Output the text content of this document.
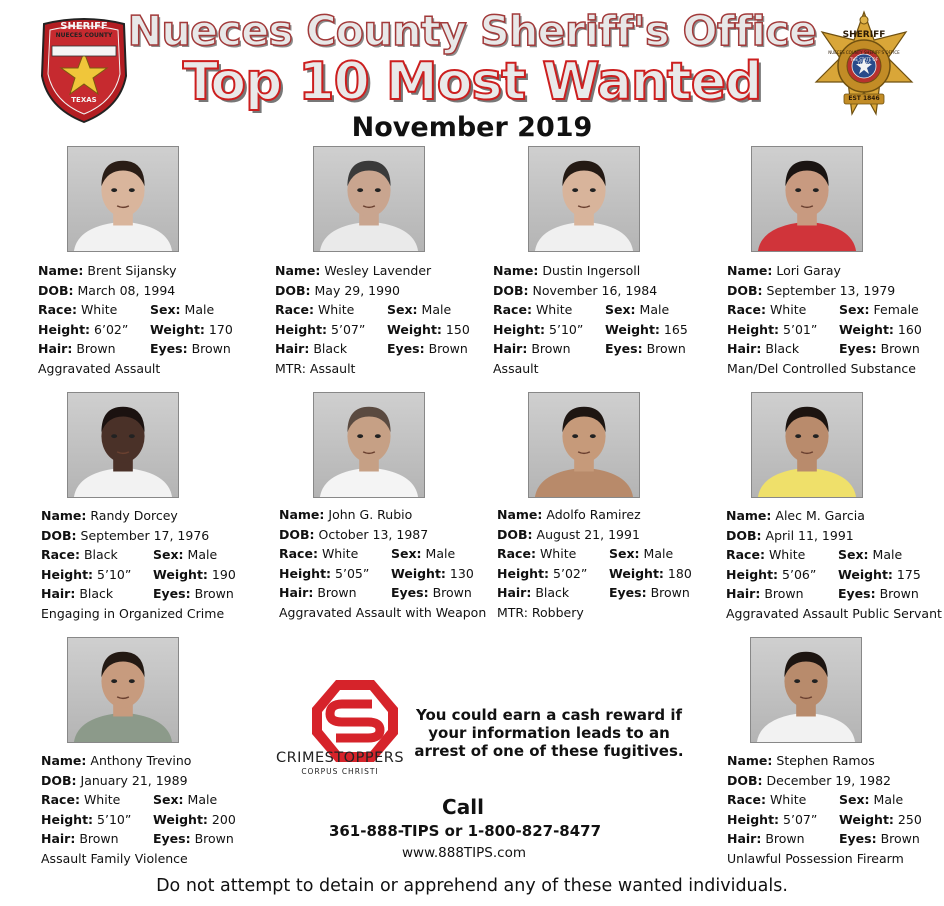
SHERIFF
NUECES COUNTY
TEXAS
Nueces County Sheriff's Office
Top 10 Most Wanted
November 2019
SHERIFF
NUECES COUNTY SHERIFF'S OFFICE
THE STATE OF TEXAS
EST 1846
Name:
Brent Sijansky
DOB:
March 08, 1994
Race: White	Sex: Male
Height: 6’02”	Weight: 170
Hair: Brown	Eyes: Brown
Aggravated Assault
Name:
Wesley Lavender
DOB:
May 29, 1990
Race: White	Sex: Male
Height: 5’07”	Weight: 150
Hair: Black	Eyes: Brown
MTR: Assault
Name:
Dustin Ingersoll
DOB:
November 16, 1984
Race: White	Sex: Male
Height: 5’10”	Weight: 165
Hair: Brown	Eyes: Brown
Assault
Name:
Lori Garay
DOB:
September 13, 1979
Race: White	Sex: Female
Height: 5’01”	Weight: 160
Hair: Black	Eyes: Brown
Man/Del Controlled Substance
Name:
Randy Dorcey
DOB:
September 17, 1976
Race: Black	Sex: Male
Height: 5’10”	Weight: 190
Hair: Black	Eyes: Brown
Engaging in Organized Crime
Name:
John G. Rubio
DOB:
October 13, 1987
Race: White	Sex: Male
Height: 5’05”	Weight: 130
Hair: Brown	Eyes: Brown
Aggravated Assault with Weapon
Name:
Adolfo Ramirez
DOB:
August 21, 1991
Race: White	Sex: Male
Height: 5’02”	Weight: 180
Hair: Black	Eyes: Brown
MTR: Robbery
Name:
Alec M. Garcia
DOB:
April 11, 1991
Race: White	Sex: Male
Height: 5’06”	Weight: 175
Hair: Brown	Eyes: Brown
Aggravated Assault Public Servant
Name:
Anthony Trevino
DOB:
January 21, 1989
Race: White	Sex: Male
Height: 5’10”	Weight: 200
Hair: Brown	Eyes: Brown
Assault Family Violence
Name:
Stephen Ramos
DOB:
December 19, 1982
Race: White	Sex: Male
Height: 5’07”	Weight: 250
Hair: Brown	Eyes: Brown
Unlawful Possession Firearm
CRIMESTOPPERS
CORPUS CHRISTI
You could earn a cash reward if
your information leads to an
arrest of one of these fugitives.
Call
361-888-TIPS or 1-800-827-8477
www.888TIPS.com
Do not attempt to detain or apprehend any of these wanted individuals.
